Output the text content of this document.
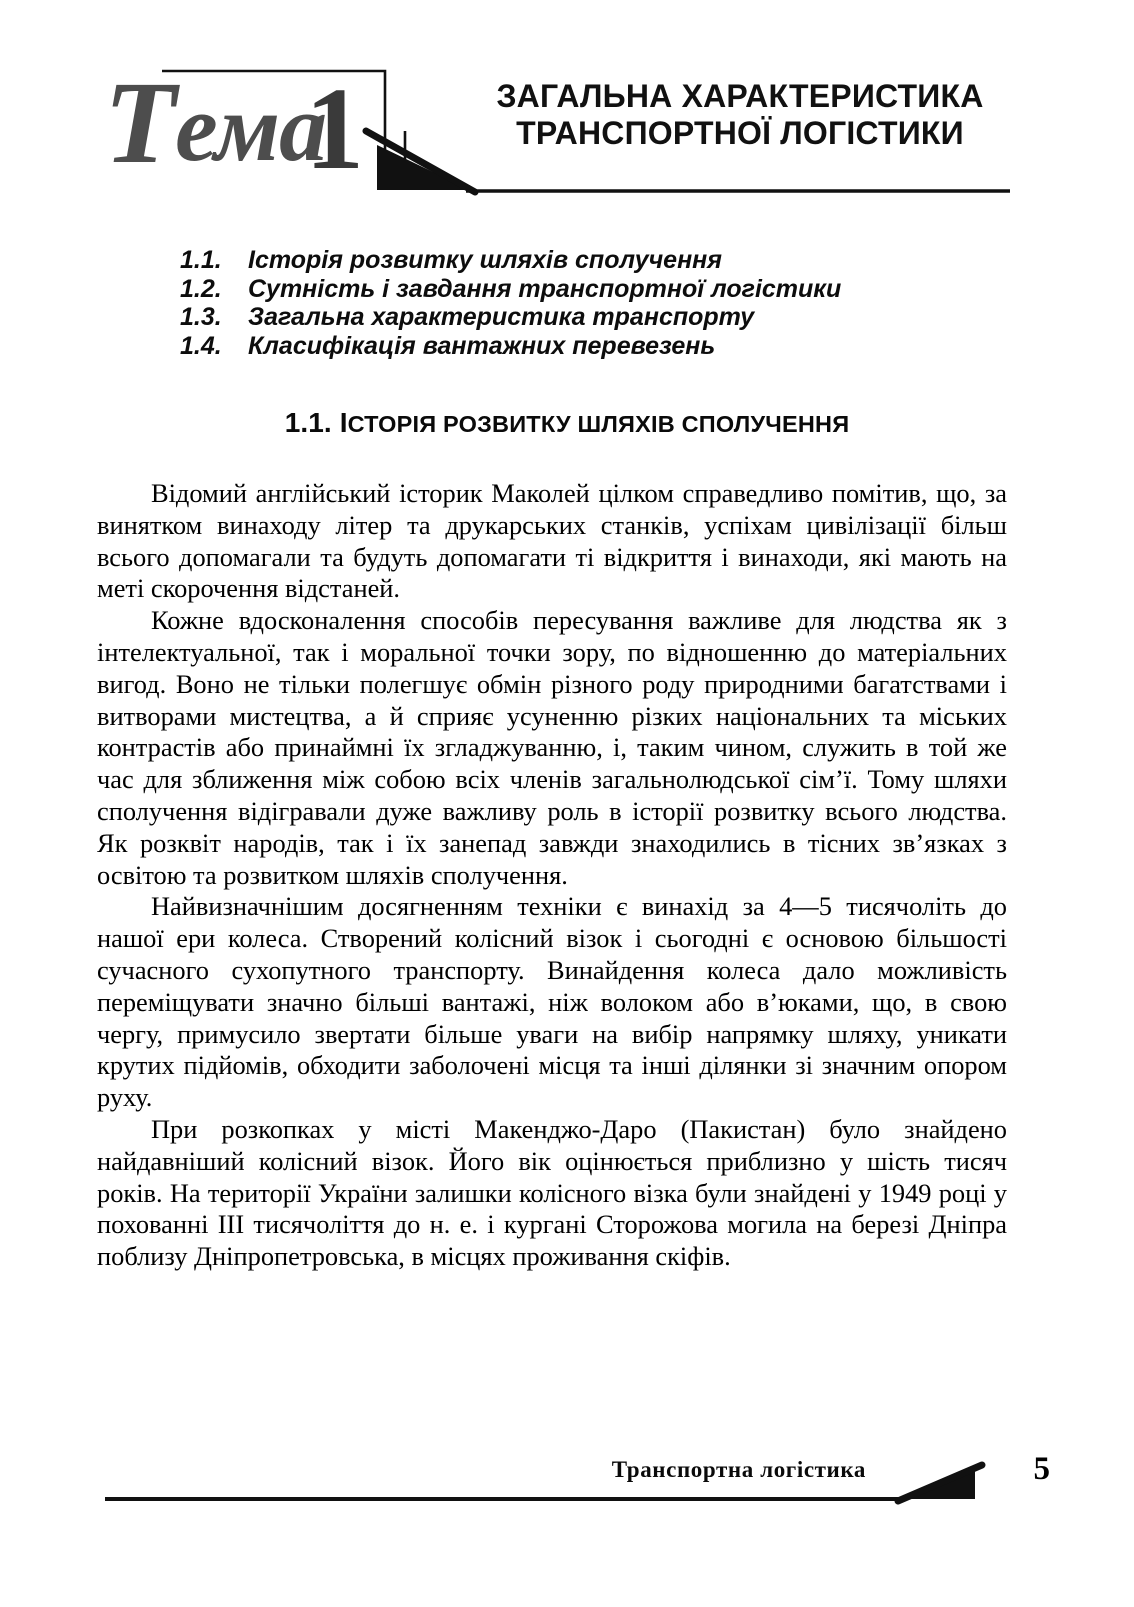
Тема
1	ЗАГАЛЬНА ХАРАКТЕРИСТИКА
ТРАНСПОРТНОЇ ЛОГІСТИКИ
1.1.	Історія розвитку шляхів сполучення
1.2.	Сутність і завдання транспортної логістики
1.3.	Загальна характеристика транспорту
1.4.	Класифікація вантажних перевезень
1.1. ІСТОРІЯ РОЗВИТКУ ШЛЯХІВ СПОЛУЧЕННЯ

Відомий англійський історик Маколей цілком справедливо помітив, що, за винятком винаходу літер та друкарських станків, успіхам цивілізації більш всього допомагали та будуть допомагати ті відкриття і винаходи, які мають на меті скорочення відстаней.

Кожне вдосконалення способів пересування важливе для людства як з інтелектуальної, так і моральної точки зору, по відношенню до матеріальних вигод. Воно не тільки полегшує обмін різного роду природними багатствами і витворами мистецтва, а й сприяє усуненню різких національних та міських контрастів або принаймні їх згладжуванню, і, таким чином, служить в той же час для зближення між собою всіх членів загальнолюдської сім’ї. Тому шляхи сполучення відігравали дуже важливу роль в історії розвитку всього людства. Як розквіт народів, так і їх занепад завжди знаходились в тісних зв’язках з освітою та розвитком шляхів сполучення.

Найвизначнішим досягненням техніки є винахід за 4—5 тисячоліть до нашої ери колеса. Створений колісний візок і сьогодні є основою більшості сучасного сухопутного транспорту. Винайдення колеса дало можливість переміщувати значно більші вантажі, ніж волоком або в’юками, що, в свою чергу, примусило звертати більше уваги на вибір напрямку шляху, уникати крутих підйомів, обходити заболочені місця та інші ділянки зі значним опором руху.

При розкопках у місті Макенджо-Даро (Пакистан) було знайдено найдавніший колісний візок. Його вік оцінюється приблизно у шість тисяч років. На території України залишки колісного візка були знайдені у 1949 році у похованні III тисячоліття до н. е. і кургані Сторожова могила на березі Дніпра поблизу Дніпропетровська, в місцях проживання скіфів.

Транспортна логістика	5
